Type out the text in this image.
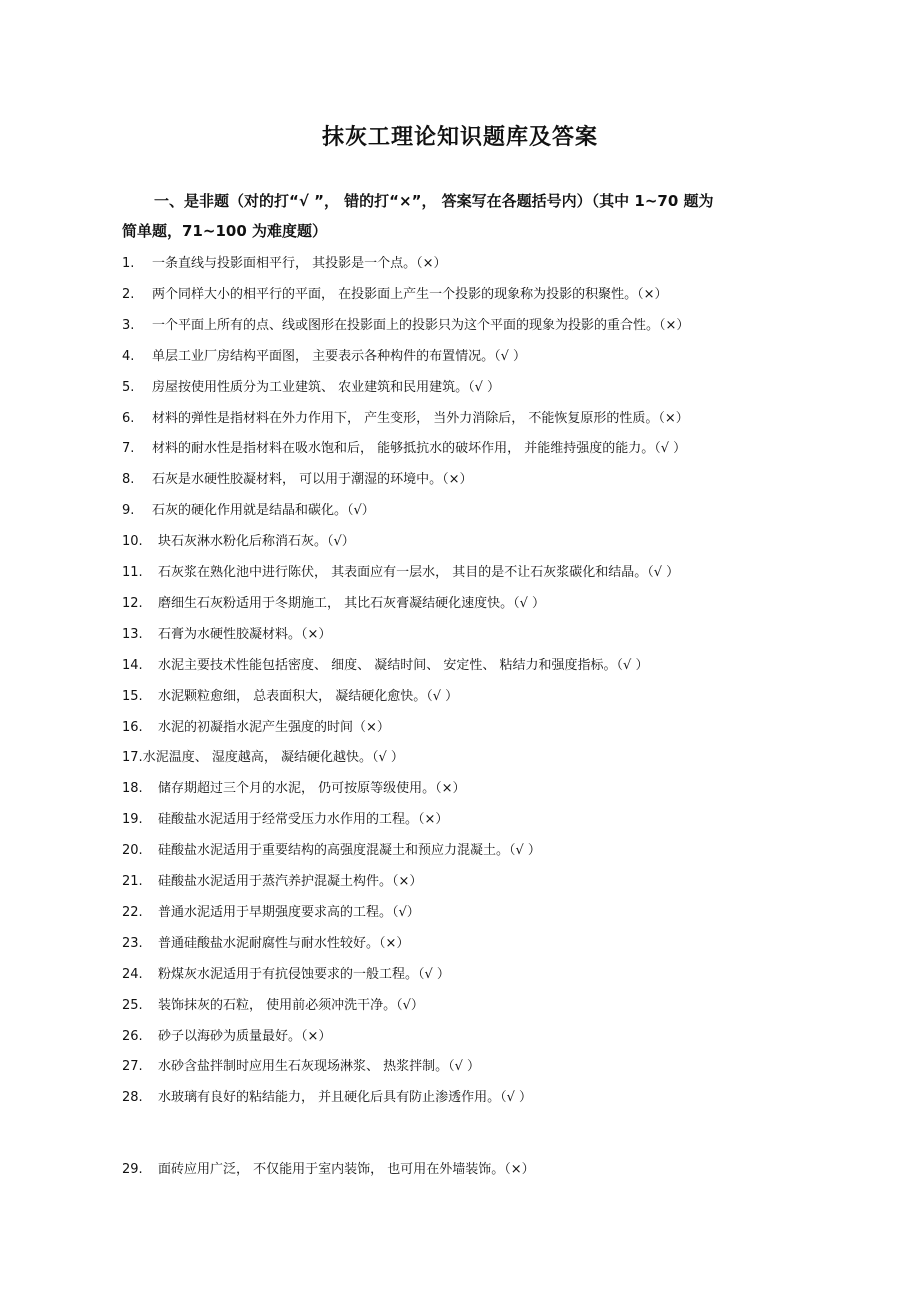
抹灰工理论知识题库及答案
一、是非题（对的打“√ ”， 错的打“×”， 答案写在各题括号内）（其中 1~70 题为
简单题，71~100 为难度题）
1. 一条直线与投影面相平行， 其投影是一个点。（×）
2. 两个同样大小的相平行的平面， 在投影面上产生一个投影的现象称为投影的积聚性。（×）
3. 一个平面上所有的点、线或图形在投影面上的投影只为这个平面的现象为投影的重合性。（×）
4. 单层工业厂房结构平面图， 主要表示各种构件的布置情况。（√ ）
5. 房屋按使用性质分为工业建筑、 农业建筑和民用建筑。（√ ）
6. 材料的弹性是指材料在外力作用下， 产生变形， 当外力消除后， 不能恢复原形的性质。（×）
7. 材料的耐水性是指材料在吸水饱和后， 能够抵抗水的破坏作用， 并能维持强度的能力。（√ ）
8. 石灰是水硬性胶凝材料， 可以用于潮湿的环境中。（×）
9. 石灰的硬化作用就是结晶和碳化。（√）
10. 块石灰淋水粉化后称消石灰。（√）
11. 石灰浆在熟化池中进行陈伏， 其表面应有一层水， 其目的是不让石灰浆碳化和结晶。（√ ）
12. 磨细生石灰粉适用于冬期施工， 其比石灰膏凝结硬化速度快。（√ ）
13. 石膏为水硬性胶凝材料。（×）
14. 水泥主要技术性能包括密度、 细度、 凝结时间、 安定性、 粘结力和强度指标。（√ ）
15. 水泥颗粒愈细， 总表面积大， 凝结硬化愈快。（√ ）
16. 水泥的初凝指水泥产生强度的时间（×）
17.水泥温度、 湿度越高， 凝结硬化越快。（√ ）
18. 储存期超过三个月的水泥， 仍可按原等级使用。（×）
19. 硅酸盐水泥适用于经常受压力水作用的工程。（×）
20. 硅酸盐水泥适用于重要结构的高强度混凝土和预应力混凝土。（√ ）
21. 硅酸盐水泥适用于蒸汽养护混凝土构件。（×）
22. 普通水泥适用于早期强度要求高的工程。（√）
23. 普通硅酸盐水泥耐腐性与耐水性较好。（×）
24. 粉煤灰水泥适用于有抗侵蚀要求的一般工程。（√ ）
25. 装饰抹灰的石粒， 使用前必须冲洗干净。（√）
26. 砂子以海砂为质量最好。（×）
27. 水砂含盐拌制时应用生石灰现场淋浆、 热浆拌制。（√ ）
28. 水玻璃有良好的粘结能力， 并且硬化后具有防止渗透作用。（√ ）
29. 面砖应用广泛， 不仅能用于室内装饰， 也可用在外墙装饰。（×）
